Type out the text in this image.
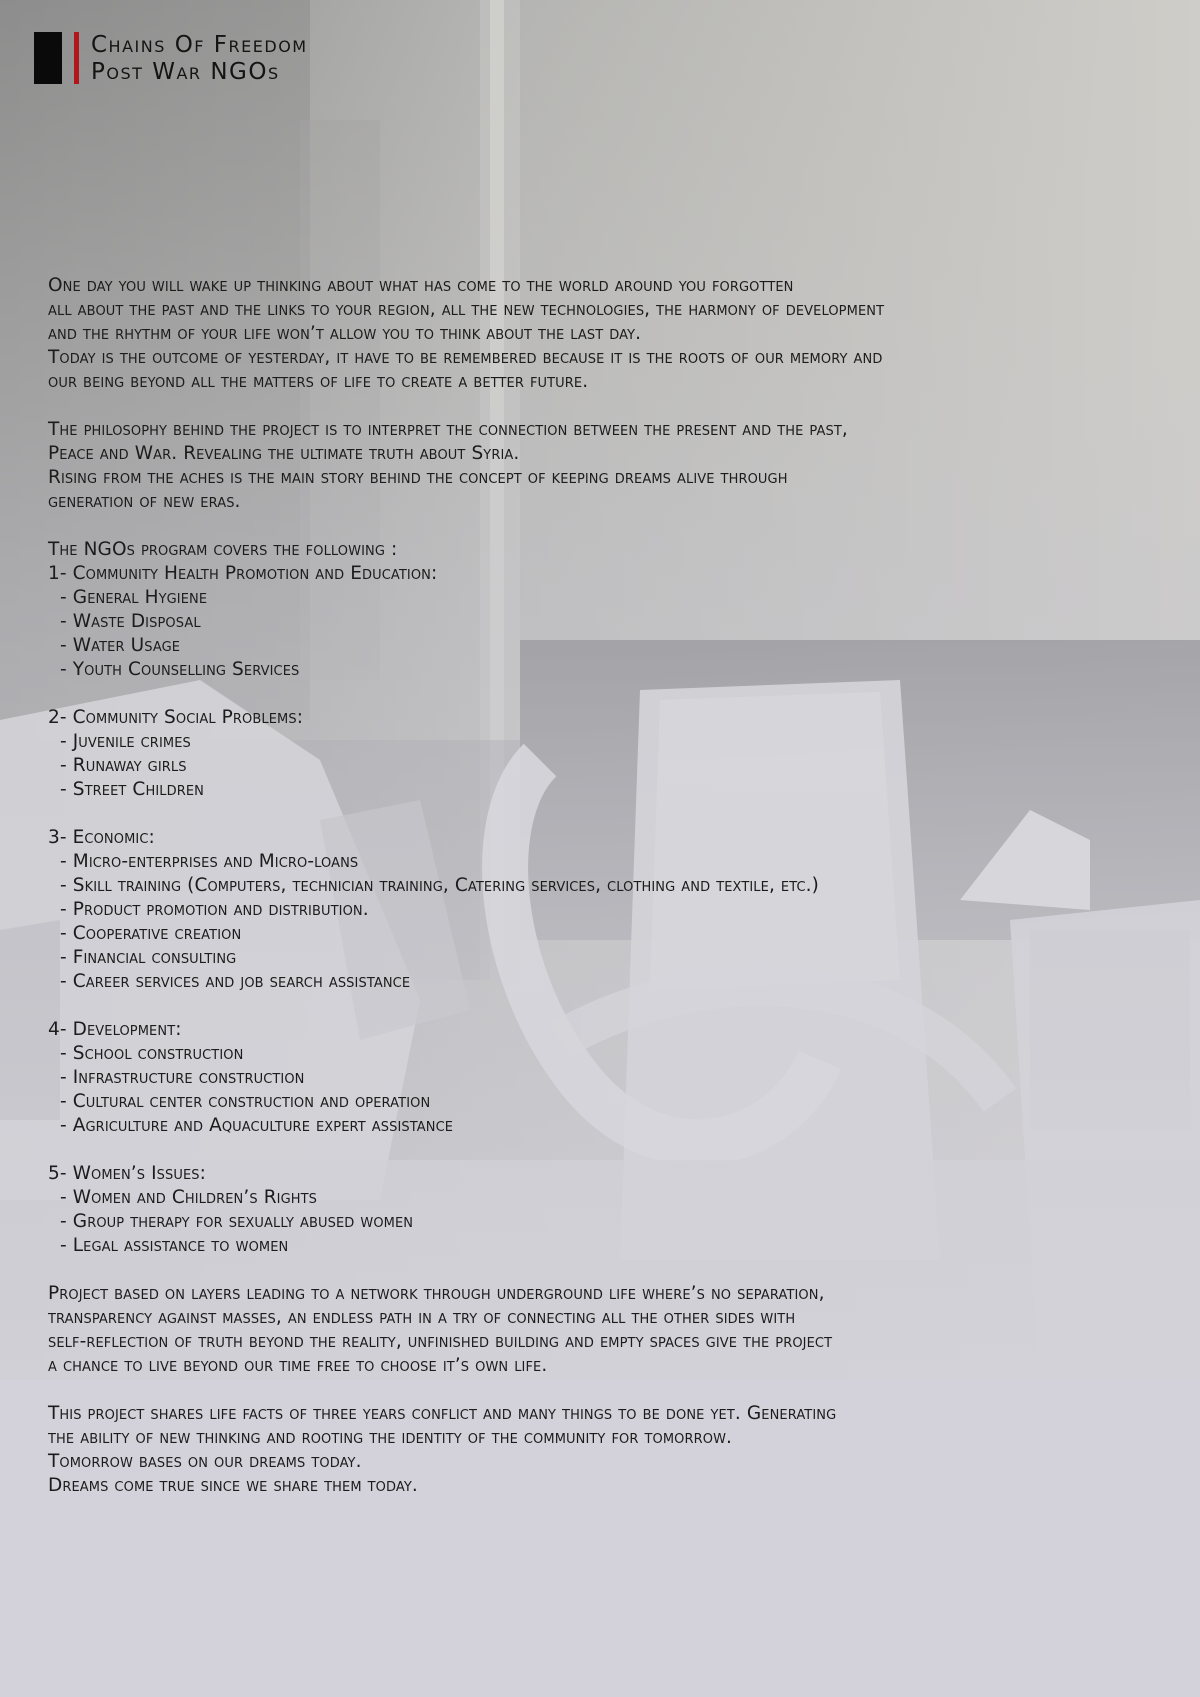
Chains Of Freedom
Post War NGOs
One day you will wake up thinking about what has come to the world around you forgotten
all about the past and the links to your region, all the new technologies, the harmony of development
and the rhythm of your life won’t allow you to think about the last day.
Today is the outcome of yesterday, it have to be remembered because it is the roots of our memory and
our being beyond all the matters of life to create a better future.
The philosophy behind the project is to interpret the connection between the present and the past,
Peace and War. Revealing the ultimate truth about Syria.
Rising from the aches is the main story behind the concept of keeping dreams alive through
generation of new eras.
The NGOs program covers the following :
1- Community Health Promotion and Education:
- General Hygiene
- Waste Disposal
- Water Usage
- Youth Counselling Services
2- Community Social Problems:
- Juvenile crimes
- Runaway girls
- Street Children
3- Economic:
- Micro-enterprises and Micro-loans
- Skill training (Computers, technician training, Catering services, clothing and textile, etc.)
- Product promotion and distribution.
- Cooperative creation
- Financial consulting
- Career services and job search assistance
4- Development:
- School construction
- Infrastructure construction
- Cultural center construction and operation
- Agriculture and Aquaculture expert assistance
5- Women’s Issues:
- Women and Children’s Rights
- Group therapy for sexually abused women
- Legal assistance to women
Project based on layers leading to a network through underground life where’s no separation,
transparency against masses, an endless path in a try of connecting all the other sides with
self-reflection of truth beyond the reality, unfinished building and empty spaces give the project
a chance to live beyond our time free to choose it’s own life.
This project shares life facts of three years conflict and many things to be done yet. Generating
the ability of new thinking and rooting the identity of the community for tomorrow.
Tomorrow bases on our dreams today.
Dreams come true since we share them today.
